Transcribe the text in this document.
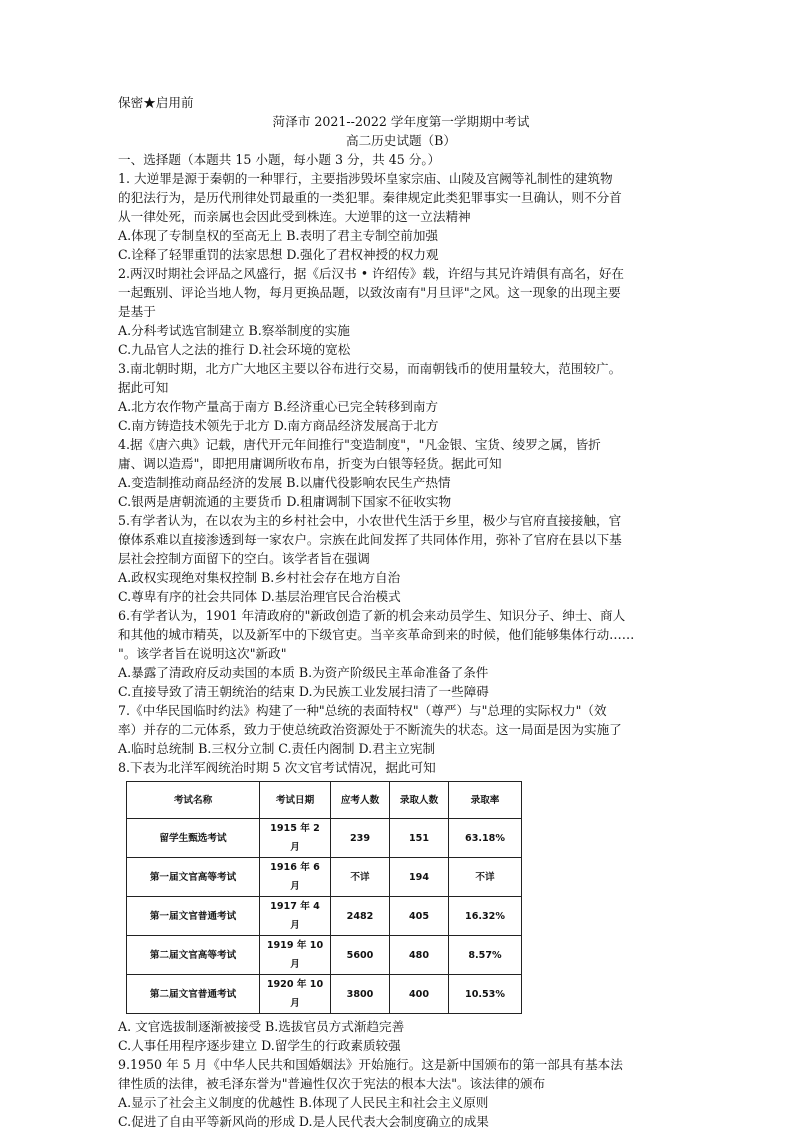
保密★启用前
菏泽市 2021--2022 学年度第一学期期中考试
高二历史试题（B）
一、选择题（本题共 15 小题，每小题 3 分，共 45 分。）
1. 大逆罪是源于秦朝的一种罪行，主要指涉毁坏皇家宗庙、山陵及宫阙等礼制性的建筑物
的犯法行为，是历代刑律处罚最重的一类犯罪。秦律规定此类犯罪事实一旦确认，则不分首
从一律处死，而亲属也会因此受到株连。大逆罪的这一立法精神
A.体现了专制皇权的至高无上 B.表明了君主专制空前加强
C.诠释了轻罪重罚的法家思想 D.强化了君权神授的权力观
2.两汉时期社会评品之风盛行，据《后汉书 • 许绍传》载，许绍与其兄许靖俱有高名，好在
一起甄别、评论当地人物，每月更换品题，以致汝南有"月旦评"之风。这一现象的出现主要
是基于
A.分科考试选官制建立 B.察举制度的实施
C.九品官人之法的推行 D.社会环境的宽松
3.南北朝时期，北方广大地区主要以谷布进行交易，而南朝钱币的使用量较大，范围较广。
据此可知
A.北方农作物产量高于南方 B.经济重心已完全转移到南方
C.南方铸造技术领先于北方 D.南方商品经济发展高于北方
4.据《唐六典》记载，唐代开元年间推行"变造制度"，"凡金银、宝货、绫罗之属，皆折
庸、调以造焉"，即把用庸调所收布帛，折变为白银等轻货。据此可知
A.变造制推动商品经济的发展 B.以庸代役影响农民生产热情
C.银两是唐朝流通的主要货币 D.租庸调制下国家不征收实物
5.有学者认为，在以农为主的乡村社会中，小农世代生活于乡里，极少与官府直接接触，官
僚体系难以直接渗透到每一家农户。宗族在此间发挥了共同体作用，弥补了官府在县以下基
层社会控制方面留下的空白。该学者旨在强调
A.政权实现绝对集权控制 B.乡村社会存在地方自治
C.尊卑有序的社会共同体 D.基层治理官民合治模式
6.有学者认为，1901 年清政府的"新政创造了新的机会来动员学生、知识分子、绅士、商人
和其他的城市精英，以及新军中的下级官吏。当辛亥革命到来的时候，他们能够集体行动……
"。该学者旨在说明这次"新政"
A.暴露了清政府反动卖国的本质 B.为资产阶级民主革命准备了条件
C.直接导致了清王朝统治的结束 D.为民族工业发展扫清了一些障碍
7.《中华民国临时约法》构建了一种"总统的表面特权"（尊严）与"总理的实际权力"（效
率）并存的二元体系，致力于使总统政治资源处于不断流失的状态。这一局面是因为实施了
A.临时总统制 B.三权分立制 C.责任内阁制 D.君主立宪制
8.下表为北洋军阀统治时期 5 次文官考试情况，据此可知
考试名称	考试日期	应考人数	录取人数	录取率
留学生甄选考试	1915 年 2 月	239	151	63.18%
第一届文官高等考试	1916 年 6 月	不详	194	不详
第一届文官普通考试	1917 年 4 月	2482	405	16.32%
第二届文官高等考试	1919 年 10 月	5600	480	8.57%
第二届文官普通考试	1920 年 10 月	3800	400	10.53%
A. 文官选拔制逐渐被接受 B.选拔官员方式渐趋完善
C.人事任用程序逐步建立 D.留学生的行政素质较强
9.1950 年 5 月《中华人民共和国婚姻法》开始施行。这是新中国颁布的第一部具有基本法
律性质的法律，被毛泽东誉为"普遍性仅次于宪法的根本大法"。该法律的颁布
A.显示了社会主义制度的优越性 B.体现了人民民主和社会主义原则
C.促进了自由平等新风尚的形成 D.是人民代表大会制度确立的成果
